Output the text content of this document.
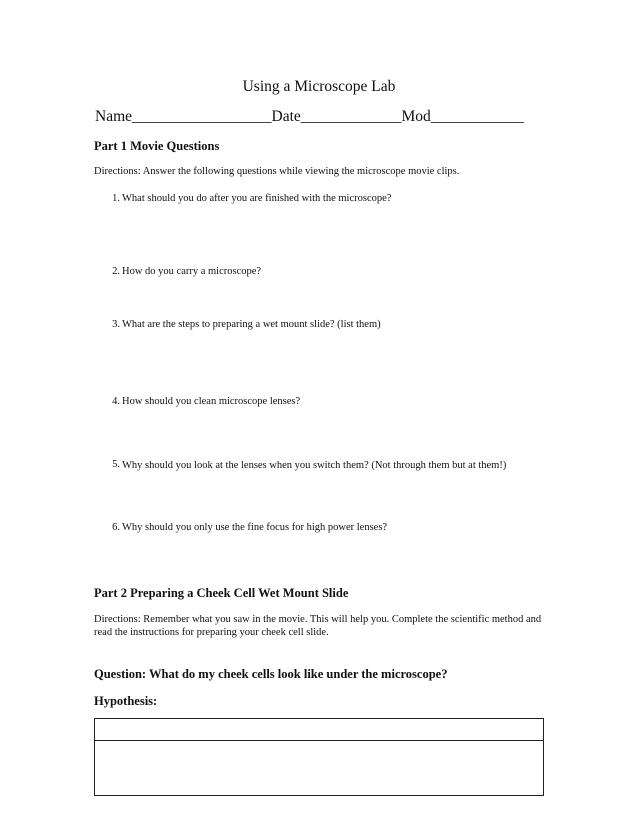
Using a Microscope Lab
Name__________________Date_____________Mod____________
Part 1 Movie Questions
Directions: Answer the following questions while viewing the microscope movie clips.
1. What should you do after you are finished with the microscope?
2. How do you carry a microscope?
3. What are the steps to preparing a wet mount slide? (list them)
4. How should you clean microscope lenses?
5. Why should you look at the lenses when you switch them? (Not through them but at them!)
6. Why should you only use the fine focus for high power lenses?
Part 2 Preparing a Cheek Cell Wet Mount Slide
Directions: Remember what you saw in the movie. This will help you. Complete the scientific method and read the instructions for preparing your cheek cell slide.
Question: What do my cheek cells look like under the microscope?
Hypothesis:
